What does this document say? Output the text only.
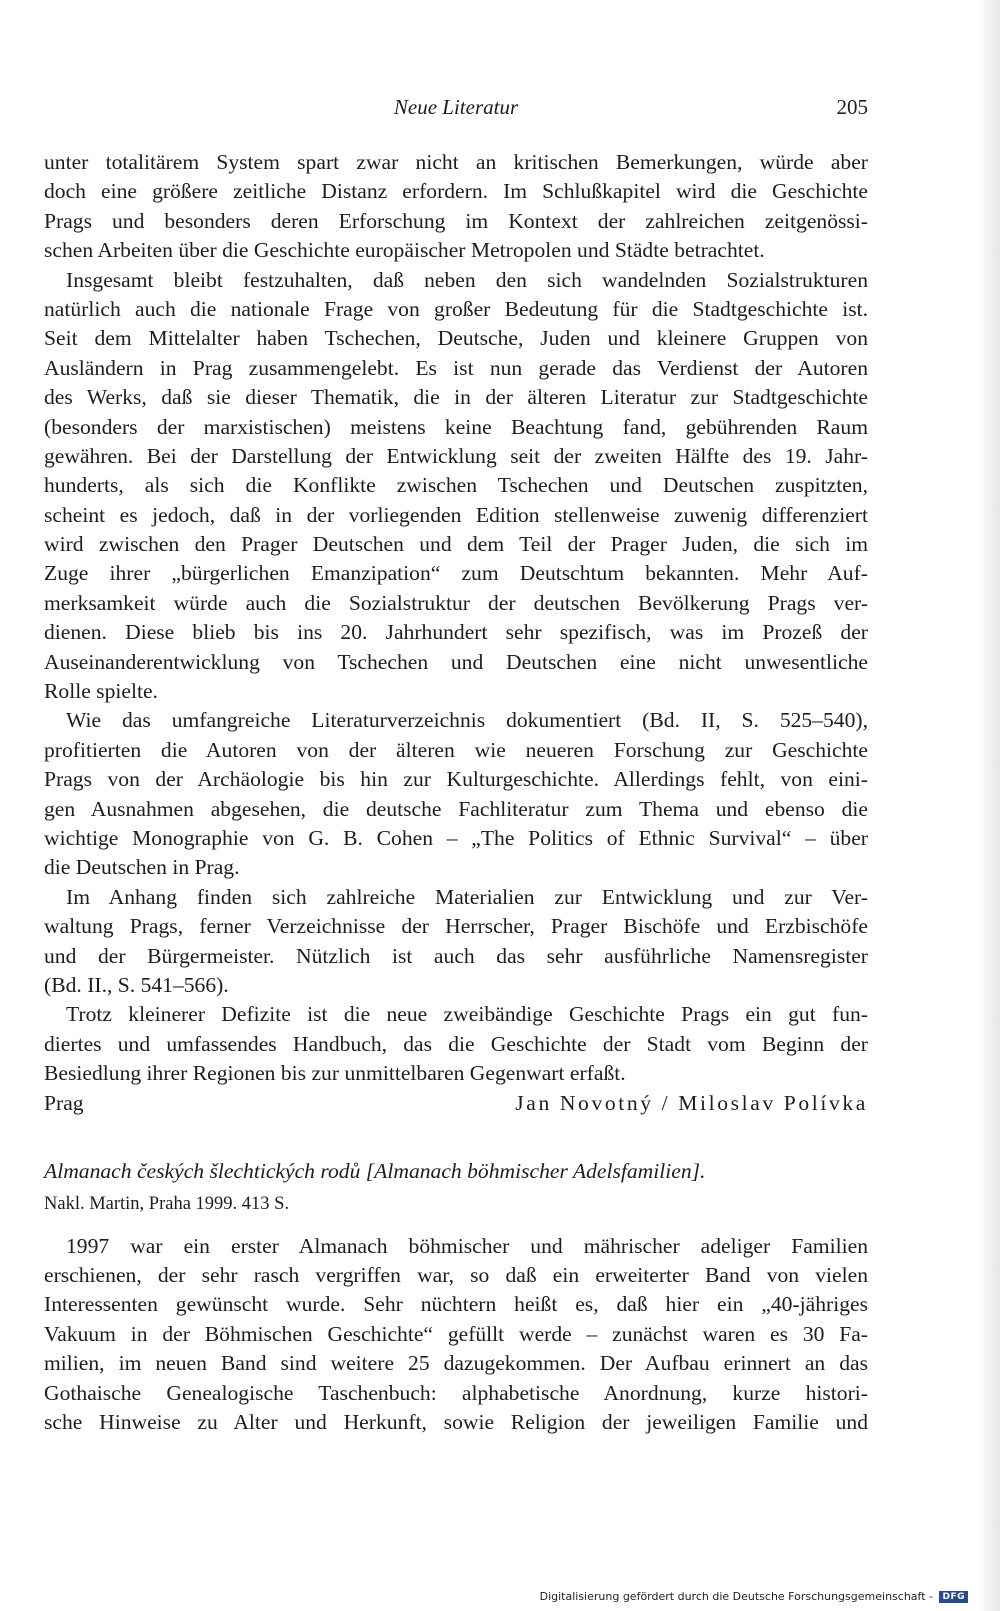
Neue Literatur	205
unter totalitärem System spart zwar nicht an kritischen Bemerkungen, würde aber
doch eine größere zeitliche Distanz erfordern. Im Schlußkapitel wird die Geschichte
Prags und besonders deren Erforschung im Kontext der zahlreichen zeitgenössi-
schen Arbeiten über die Geschichte europäischer Metropolen und Städte betrachtet.
Insgesamt bleibt festzuhalten, daß neben den sich wandelnden Sozialstrukturen
natürlich auch die nationale Frage von großer Bedeutung für die Stadtgeschichte ist.
Seit dem Mittelalter haben Tschechen, Deutsche, Juden und kleinere Gruppen von
Ausländern in Prag zusammengelebt. Es ist nun gerade das Verdienst der Autoren
des Werks, daß sie dieser Thematik, die in der älteren Literatur zur Stadtgeschichte
(besonders der marxistischen) meistens keine Beachtung fand, gebührenden Raum
gewähren. Bei der Darstellung der Entwicklung seit der zweiten Hälfte des 19. Jahr-
hunderts, als sich die Konflikte zwischen Tschechen und Deutschen zuspitzten,
scheint es jedoch, daß in der vorliegenden Edition stellenweise zuwenig differenziert
wird zwischen den Prager Deutschen und dem Teil der Prager Juden, die sich im
Zuge ihrer „bürgerlichen Emanzipation“ zum Deutschtum bekannten. Mehr Auf-
merksamkeit würde auch die Sozialstruktur der deutschen Bevölkerung Prags ver-
dienen. Diese blieb bis ins 20. Jahrhundert sehr spezifisch, was im Prozeß der
Auseinanderentwicklung von Tschechen und Deutschen eine nicht unwesentliche
Rolle spielte.
Wie das umfangreiche Literaturverzeichnis dokumentiert (Bd. II, S. 525–540),
profitierten die Autoren von der älteren wie neueren Forschung zur Geschichte
Prags von der Archäologie bis hin zur Kulturgeschichte. Allerdings fehlt, von eini-
gen Ausnahmen abgesehen, die deutsche Fachliteratur zum Thema und ebenso die
wichtige Monographie von G. B. Cohen – „The Politics of Ethnic Survival“ – über
die Deutschen in Prag.
Im Anhang finden sich zahlreiche Materialien zur Entwicklung und zur Ver-
waltung Prags, ferner Verzeichnisse der Herrscher, Prager Bischöfe und Erzbischöfe
und der Bürgermeister. Nützlich ist auch das sehr ausführliche Namensregister
(Bd. II., S. 541–566).
Trotz kleinerer Defizite ist die neue zweibändige Geschichte Prags ein gut fun-
diertes und umfassendes Handbuch, das die Geschichte der Stadt vom Beginn der
Besiedlung ihrer Regionen bis zur unmittelbaren Gegenwart erfaßt.
Prag	Jan Novotný / Miloslav Polívka
Almanach českých šlechtických rodů [Almanach böhmischer Adelsfamilien].
Nakl. Martin, Praha 1999. 413 S.
1997 war ein erster Almanach böhmischer und mährischer adeliger Familien
erschienen, der sehr rasch vergriffen war, so daß ein erweiterter Band von vielen
Interessenten gewünscht wurde. Sehr nüchtern heißt es, daß hier ein „40-jähriges
Vakuum in der Böhmischen Geschichte“ gefüllt werde – zunächst waren es 30 Fa-
milien, im neuen Band sind weitere 25 dazugekommen. Der Aufbau erinnert an das
Gothaische Genealogische Taschenbuch: alphabetische Anordnung, kurze histori-
sche Hinweise zu Alter und Herkunft, sowie Religion der jeweiligen Familie und
Digitalisierung gefördert durch die Deutsche Forschungsgemeinschaft - DFG
